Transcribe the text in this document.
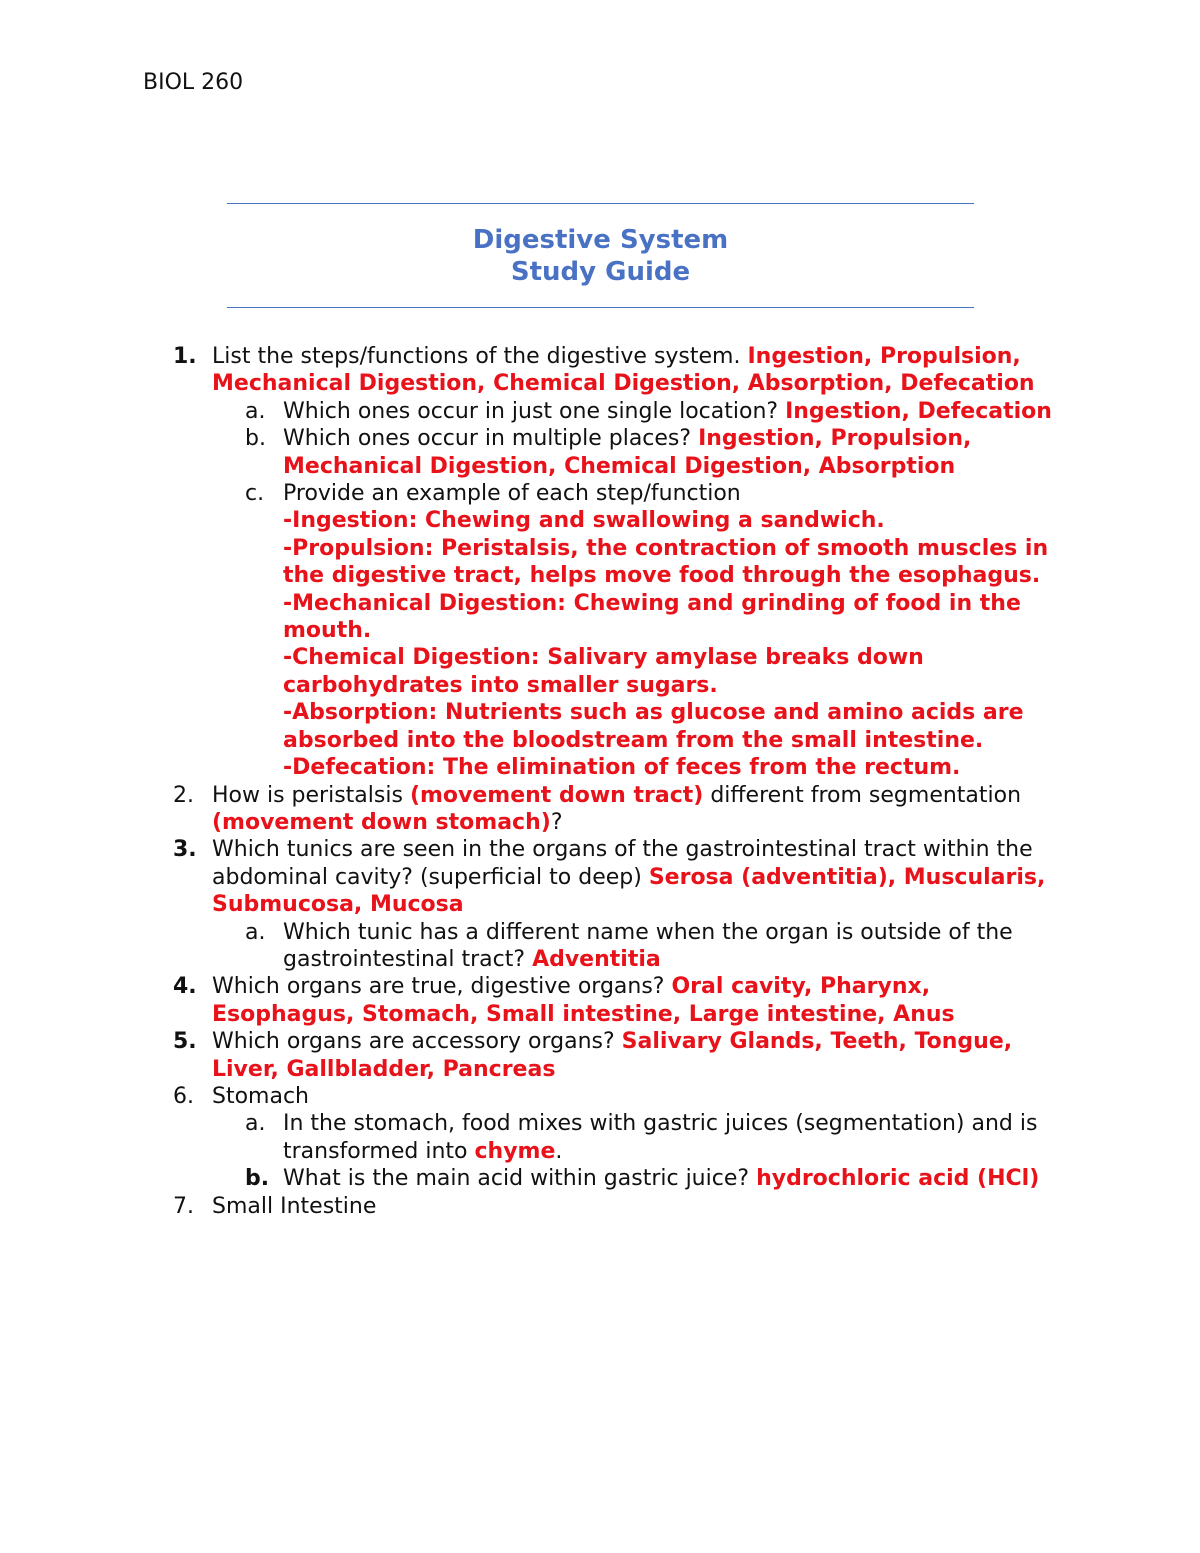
BIOL 260
Digestive System
Study Guide
1. List the steps/functions of the digestive system. Ingestion, Propulsion, Mechanical Digestion, Chemical Digestion, Absorption, Defecation
a. Which ones occur in just one single location? Ingestion, Defecation
b. Which ones occur in multiple places? Ingestion, Propulsion, Mechanical Digestion, Chemical Digestion, Absorption
c. Provide an example of each step/function
-Ingestion: Chewing and swallowing a sandwich.
-Propulsion: Peristalsis, the contraction of smooth muscles in the digestive tract, helps move food through the esophagus.
-Mechanical Digestion: Chewing and grinding of food in the mouth.
-Chemical Digestion: Salivary amylase breaks down carbohydrates into smaller sugars.
-Absorption: Nutrients such as glucose and amino acids are absorbed into the bloodstream from the small intestine.
-Defecation: The elimination of feces from the rectum.
2. How is peristalsis (movement down tract) different from segmentation (movement down stomach)?
3. Which tunics are seen in the organs of the gastrointestinal tract within the abdominal cavity? (superficial to deep) Serosa (adventitia), Muscularis, Submucosa, Mucosa
a. Which tunic has a different name when the organ is outside of the gastrointestinal tract? Adventitia
4. Which organs are true, digestive organs? Oral cavity, Pharynx, Esophagus, Stomach, Small intestine, Large intestine, Anus
5. Which organs are accessory organs? Salivary Glands, Teeth, Tongue, Liver, Gallbladder, Pancreas
6. Stomach
a. In the stomach, food mixes with gastric juices (segmentation) and is transformed into chyme.
b. What is the main acid within gastric juice? hydrochloric acid (HCl)
7. Small Intestine
